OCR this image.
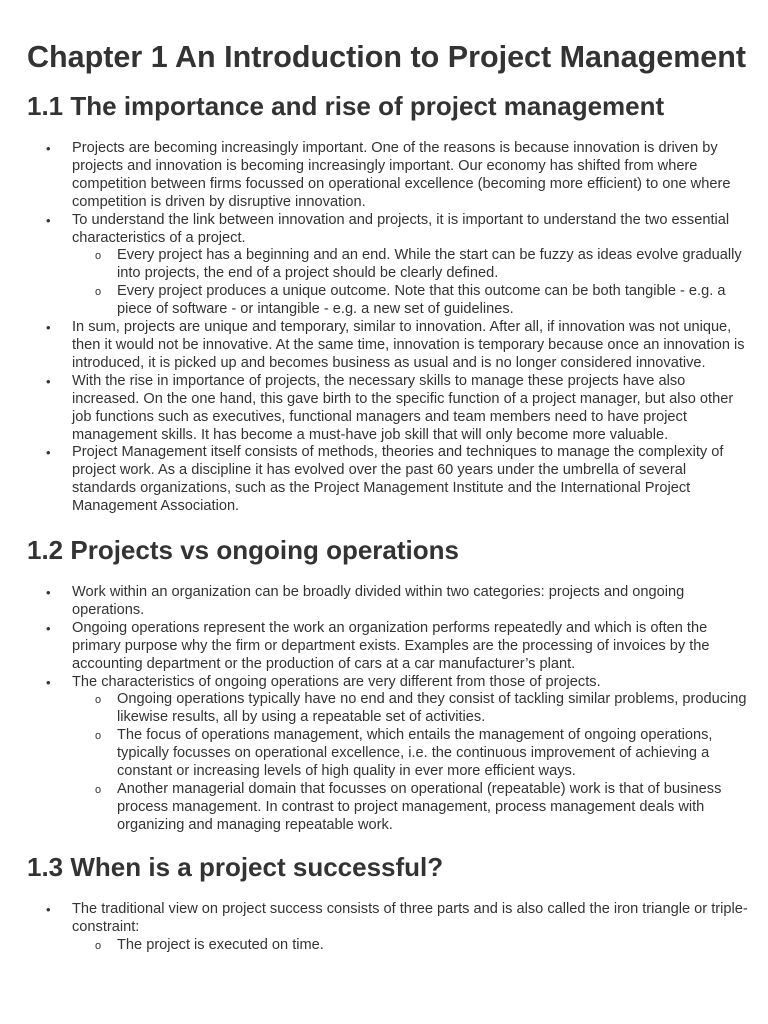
Chapter 1 An Introduction to Project Management
1.1 The importance and rise of project management
• Projects are becoming increasingly important. One of the reasons is because innovation is driven by projects and innovation is becoming increasingly important. Our economy has shifted from where competition between firms focussed on operational excellence (becoming more efficient) to one where competition is driven by disruptive innovation.
• To understand the link between innovation and projects, it is important to understand the two essential characteristics of a project.
o Every project has a beginning and an end. While the start can be fuzzy as ideas evolve gradually into projects, the end of a project should be clearly defined.
o Every project produces a unique outcome. Note that this outcome can be both tangible - e.g. a piece of software - or intangible - e.g. a new set of guidelines.
• In sum, projects are unique and temporary, similar to innovation. After all, if innovation was not unique, then it would not be innovative. At the same time, innovation is temporary because once an innovation is introduced, it is picked up and becomes business as usual and is no longer considered innovative.
• With the rise in importance of projects, the necessary skills to manage these projects have also increased. On the one hand, this gave birth to the specific function of a project manager, but also other job functions such as executives, functional managers and team members need to have project management skills. It has become a must-have job skill that will only become more valuable.
• Project Management itself consists of methods, theories and techniques to manage the complexity of project work. As a discipline it has evolved over the past 60 years under the umbrella of several standards organizations, such as the Project Management Institute and the International Project Management Association.
1.2 Projects vs ongoing operations
• Work within an organization can be broadly divided within two categories: projects and ongoing operations.
• Ongoing operations represent the work an organization performs repeatedly and which is often the primary purpose why the firm or department exists. Examples are the processing of invoices by the accounting department or the production of cars at a car manufacturer’s plant.
• The characteristics of ongoing operations are very different from those of projects.
o Ongoing operations typically have no end and they consist of tackling similar problems, producing likewise results, all by using a repeatable set of activities.
o The focus of operations management, which entails the management of ongoing operations, typically focusses on operational excellence, i.e. the continuous improvement of achieving a constant or increasing levels of high quality in ever more efficient ways.
o Another managerial domain that focusses on operational (repeatable) work is that of business process management. In contrast to project management, process management deals with organizing and managing repeatable work.
1.3 When is a project successful?
• The traditional view on project success consists of three parts and is also called the iron triangle or triple-constraint:
o The project is executed on time.
